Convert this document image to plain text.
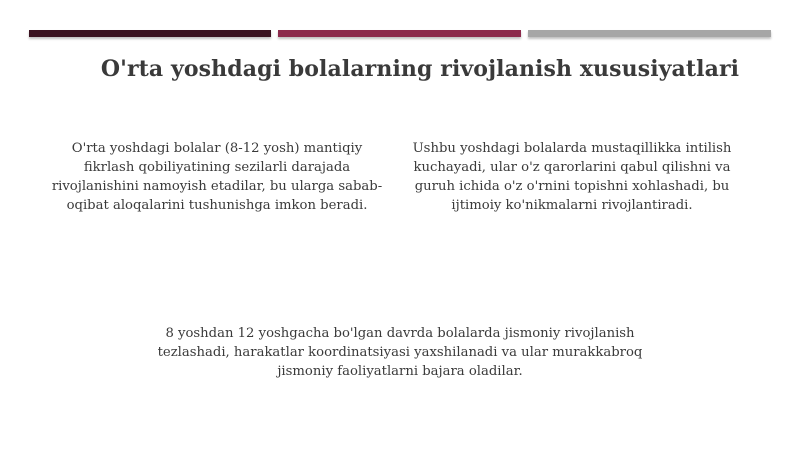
O'rta yoshdagi bolalarning rivojlanish xususiyatlari
O'rta yoshdagi bolalar (8-12 yosh) mantiqiy fikrlash qobiliyatining sezilarli darajada rivojlanishini namoyish etadilar, bu ularga sabab-oqibat aloqalarini tushunishga imkon beradi.
Ushbu yoshdagi bolalarda mustaqillikka intilish kuchayadi, ular o'z qarorlarini qabul qilishni va guruh ichida o'z o'rnini topishni xohlashadi, bu ijtimoiy ko'nikmalarni rivojlantiradi.
8 yoshdan 12 yoshgacha bo'lgan davrda bolalarda jismoniy rivojlanish tezlashadi, harakatlar koordinatsiyasi yaxshilanadi va ular murakkabroq jismoniy faoliyatlarni bajara oladilar.
